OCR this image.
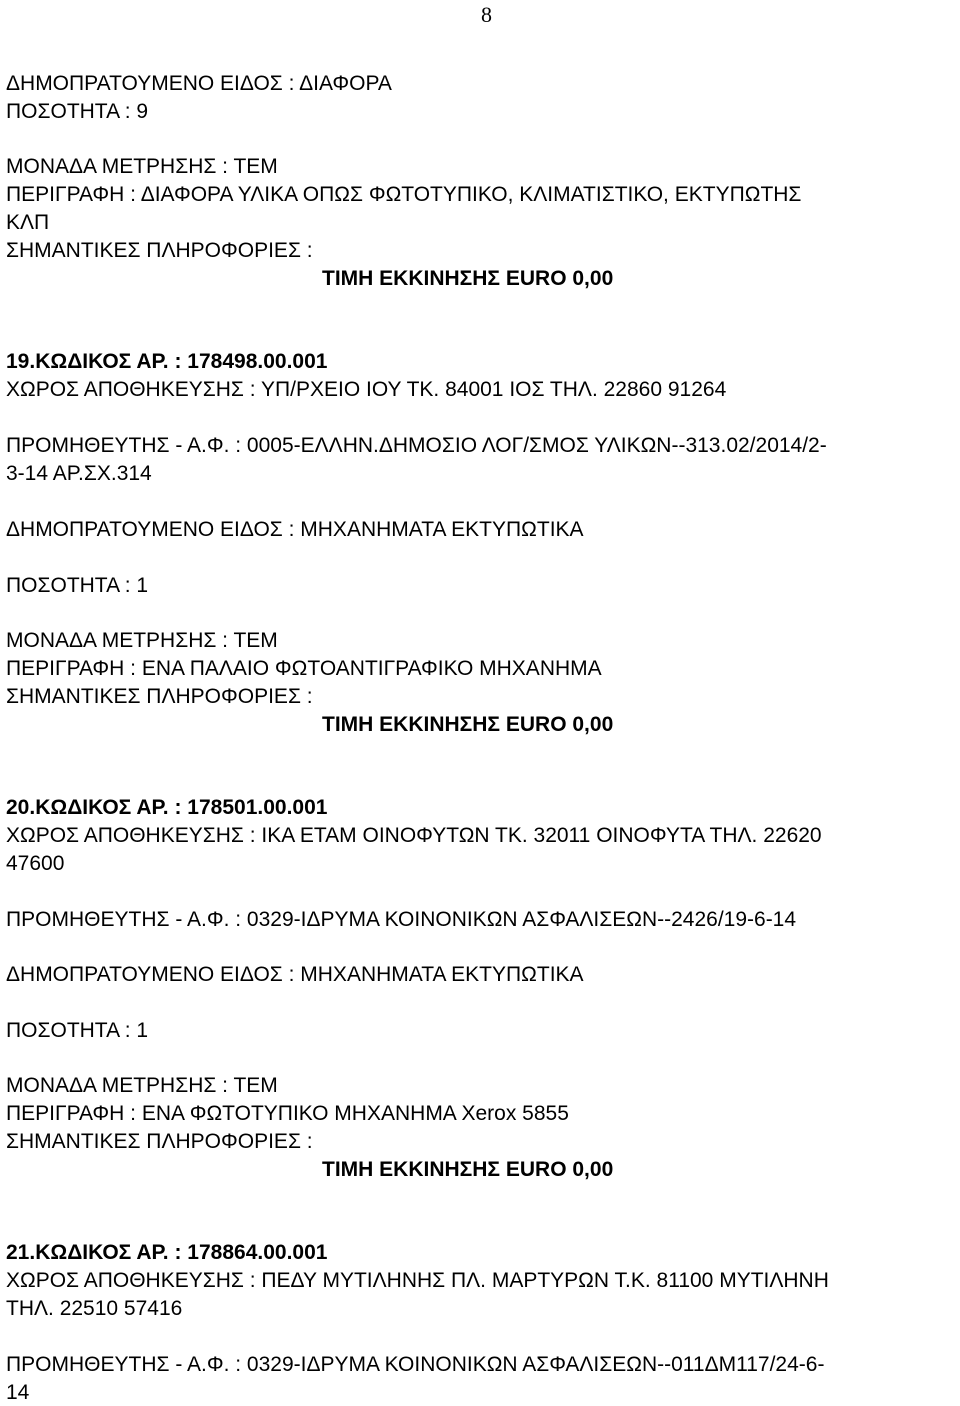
8
ΔΗΜΟΠΡΑΤΟΥΜΕΝΟ ΕΙΔΟΣ : ΔΙΑΦΟΡΑ
ΠΟΣΟΤΗΤΑ : 9
ΜΟΝΑΔΑ ΜΕΤΡΗΣΗΣ : ΤΕΜ
ΠΕΡΙΓΡΑΦΗ : ΔΙΑΦΟΡΑ ΥΛΙΚΑ ΟΠΩΣ ΦΩΤΟΤΥΠΙΚΟ, ΚΛΙΜΑΤΙΣΤΙΚΟ, ΕΚΤΥΠΩΤΗΣ
ΚΛΠ
ΣΗΜΑΝΤΙΚΕΣ ΠΛΗΡΟΦΟΡΙΕΣ :
ΤΙΜΗ ΕΚΚΙΝΗΣΗΣ EURO 0,00
19.ΚΩΔΙΚΟΣ ΑΡ. : 178498.00.001
ΧΩΡΟΣ ΑΠΟΘΗΚΕΥΣΗΣ : ΥΠ/ΡΧΕΙΟ ΙΟΥ ΤΚ. 84001 ΙΟΣ ΤΗΛ. 22860 91264
ΠΡΟΜΗΘΕΥΤΗΣ - Α.Φ. : 0005-ΕΛΛΗΝ.ΔΗΜΟΣΙΟ ΛΟΓ/ΣΜΟΣ ΥΛΙΚΩΝ--313.02/2014/2-
3-14 ΑΡ.ΣΧ.314
ΔΗΜΟΠΡΑΤΟΥΜΕΝΟ ΕΙΔΟΣ : ΜΗΧΑΝΗΜΑΤΑ ΕΚΤΥΠΩΤΙΚΑ
ΠΟΣΟΤΗΤΑ : 1
ΜΟΝΑΔΑ ΜΕΤΡΗΣΗΣ : ΤΕΜ
ΠΕΡΙΓΡΑΦΗ : ΕΝΑ ΠΑΛΑΙΟ ΦΩΤΟΑΝΤΙΓΡΑΦΙΚΟ ΜΗΧΑΝΗΜΑ
ΣΗΜΑΝΤΙΚΕΣ ΠΛΗΡΟΦΟΡΙΕΣ :
ΤΙΜΗ ΕΚΚΙΝΗΣΗΣ EURO 0,00
20.ΚΩΔΙΚΟΣ ΑΡ. : 178501.00.001
ΧΩΡΟΣ ΑΠΟΘΗΚΕΥΣΗΣ : ΙΚΑ ΕΤΑΜ ΟΙΝΟΦΥΤΩΝ ΤΚ. 32011 ΟΙΝΟΦΥΤΑ ΤΗΛ. 22620
47600
ΠΡΟΜΗΘΕΥΤΗΣ - Α.Φ. : 0329-ΙΔΡΥΜΑ ΚΟΙΝΟΝΙΚΩΝ ΑΣΦΑΛΙΣΕΩΝ--2426/19-6-14
ΔΗΜΟΠΡΑΤΟΥΜΕΝΟ ΕΙΔΟΣ : ΜΗΧΑΝΗΜΑΤΑ ΕΚΤΥΠΩΤΙΚΑ
ΠΟΣΟΤΗΤΑ : 1
ΜΟΝΑΔΑ ΜΕΤΡΗΣΗΣ : ΤΕΜ
ΠΕΡΙΓΡΑΦΗ : ΕΝΑ ΦΩΤΟΤΥΠΙΚΟ ΜΗΧΑΝΗΜΑ Xerox 5855
ΣΗΜΑΝΤΙΚΕΣ ΠΛΗΡΟΦΟΡΙΕΣ :
ΤΙΜΗ ΕΚΚΙΝΗΣΗΣ EURO 0,00
21.ΚΩΔΙΚΟΣ ΑΡ. : 178864.00.001
ΧΩΡΟΣ ΑΠΟΘΗΚΕΥΣΗΣ : ΠΕΔΥ ΜΥΤΙΛΗΝΗΣ ΠΛ. ΜΑΡΤΥΡΩΝ Τ.Κ. 81100 ΜΥΤΙΛΗΝΗ
ΤΗΛ. 22510 57416
ΠΡΟΜΗΘΕΥΤΗΣ - Α.Φ. : 0329-ΙΔΡΥΜΑ ΚΟΙΝΟΝΙΚΩΝ ΑΣΦΑΛΙΣΕΩΝ--011ΔΜ117/24-6-
14
